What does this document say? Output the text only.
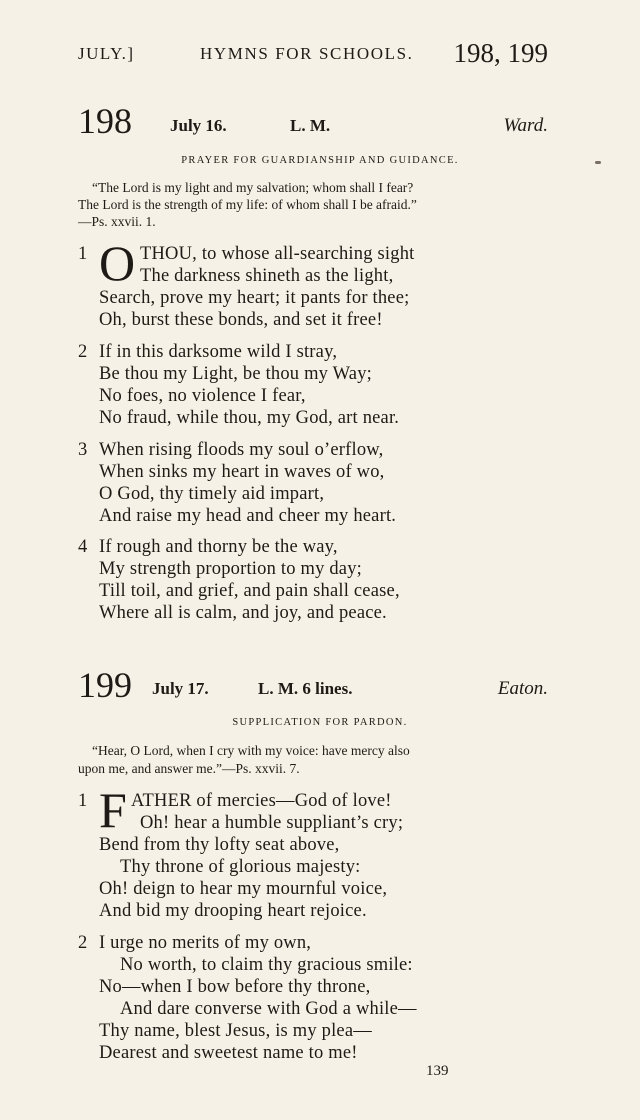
JULY.]	HYMNS FOR SCHOOLS. 198, 199
198 July 16.	L. M.	Ward.
PRAYER FOR GUARDIANSHIP AND GUIDANCE.
“The Lord is my light and my salvation; whom shall I fear?
The Lord is the strength of my life: of whom shall I be afraid.”
—Ps. xxvii. 1.
1 O THOU, to whose all-searching sight
The darkness shineth as the light,
Search, prove my heart; it pants for thee;
Oh, burst these bonds, and set it free!
2 If in this darksome wild I stray,
Be thou my Light, be thou my Way;
No foes, no violence I fear,
No fraud, while thou, my God, art near.
3 When rising floods my soul o’erflow,
When sinks my heart in waves of wo,
O God, thy timely aid impart,
And raise my head and cheer my heart.
4 If rough and thorny be the way,
My strength proportion to my day;
Till toil, and grief, and pain shall cease,
Where all is calm, and joy, and peace.
199 July 17.	L. M. 6 lines.	Eaton.
SUPPLICATION FOR PARDON.
“Hear, O Lord, when I cry with my voice: have mercy also
upon me, and answer me.”—Ps. xxvii. 7.
1 F ATHER of mercies—God of love!
Oh! hear a humble suppliant’s cry;
Bend from thy lofty seat above,
Thy throne of glorious majesty:
Oh! deign to hear my mournful voice,
And bid my drooping heart rejoice.
2 I urge no merits of my own,
No worth, to claim thy gracious smile:
No—when I bow before thy throne,
And dare converse with God a while—
Thy name, blest Jesus, is my plea—
Dearest and sweetest name to me!
139
